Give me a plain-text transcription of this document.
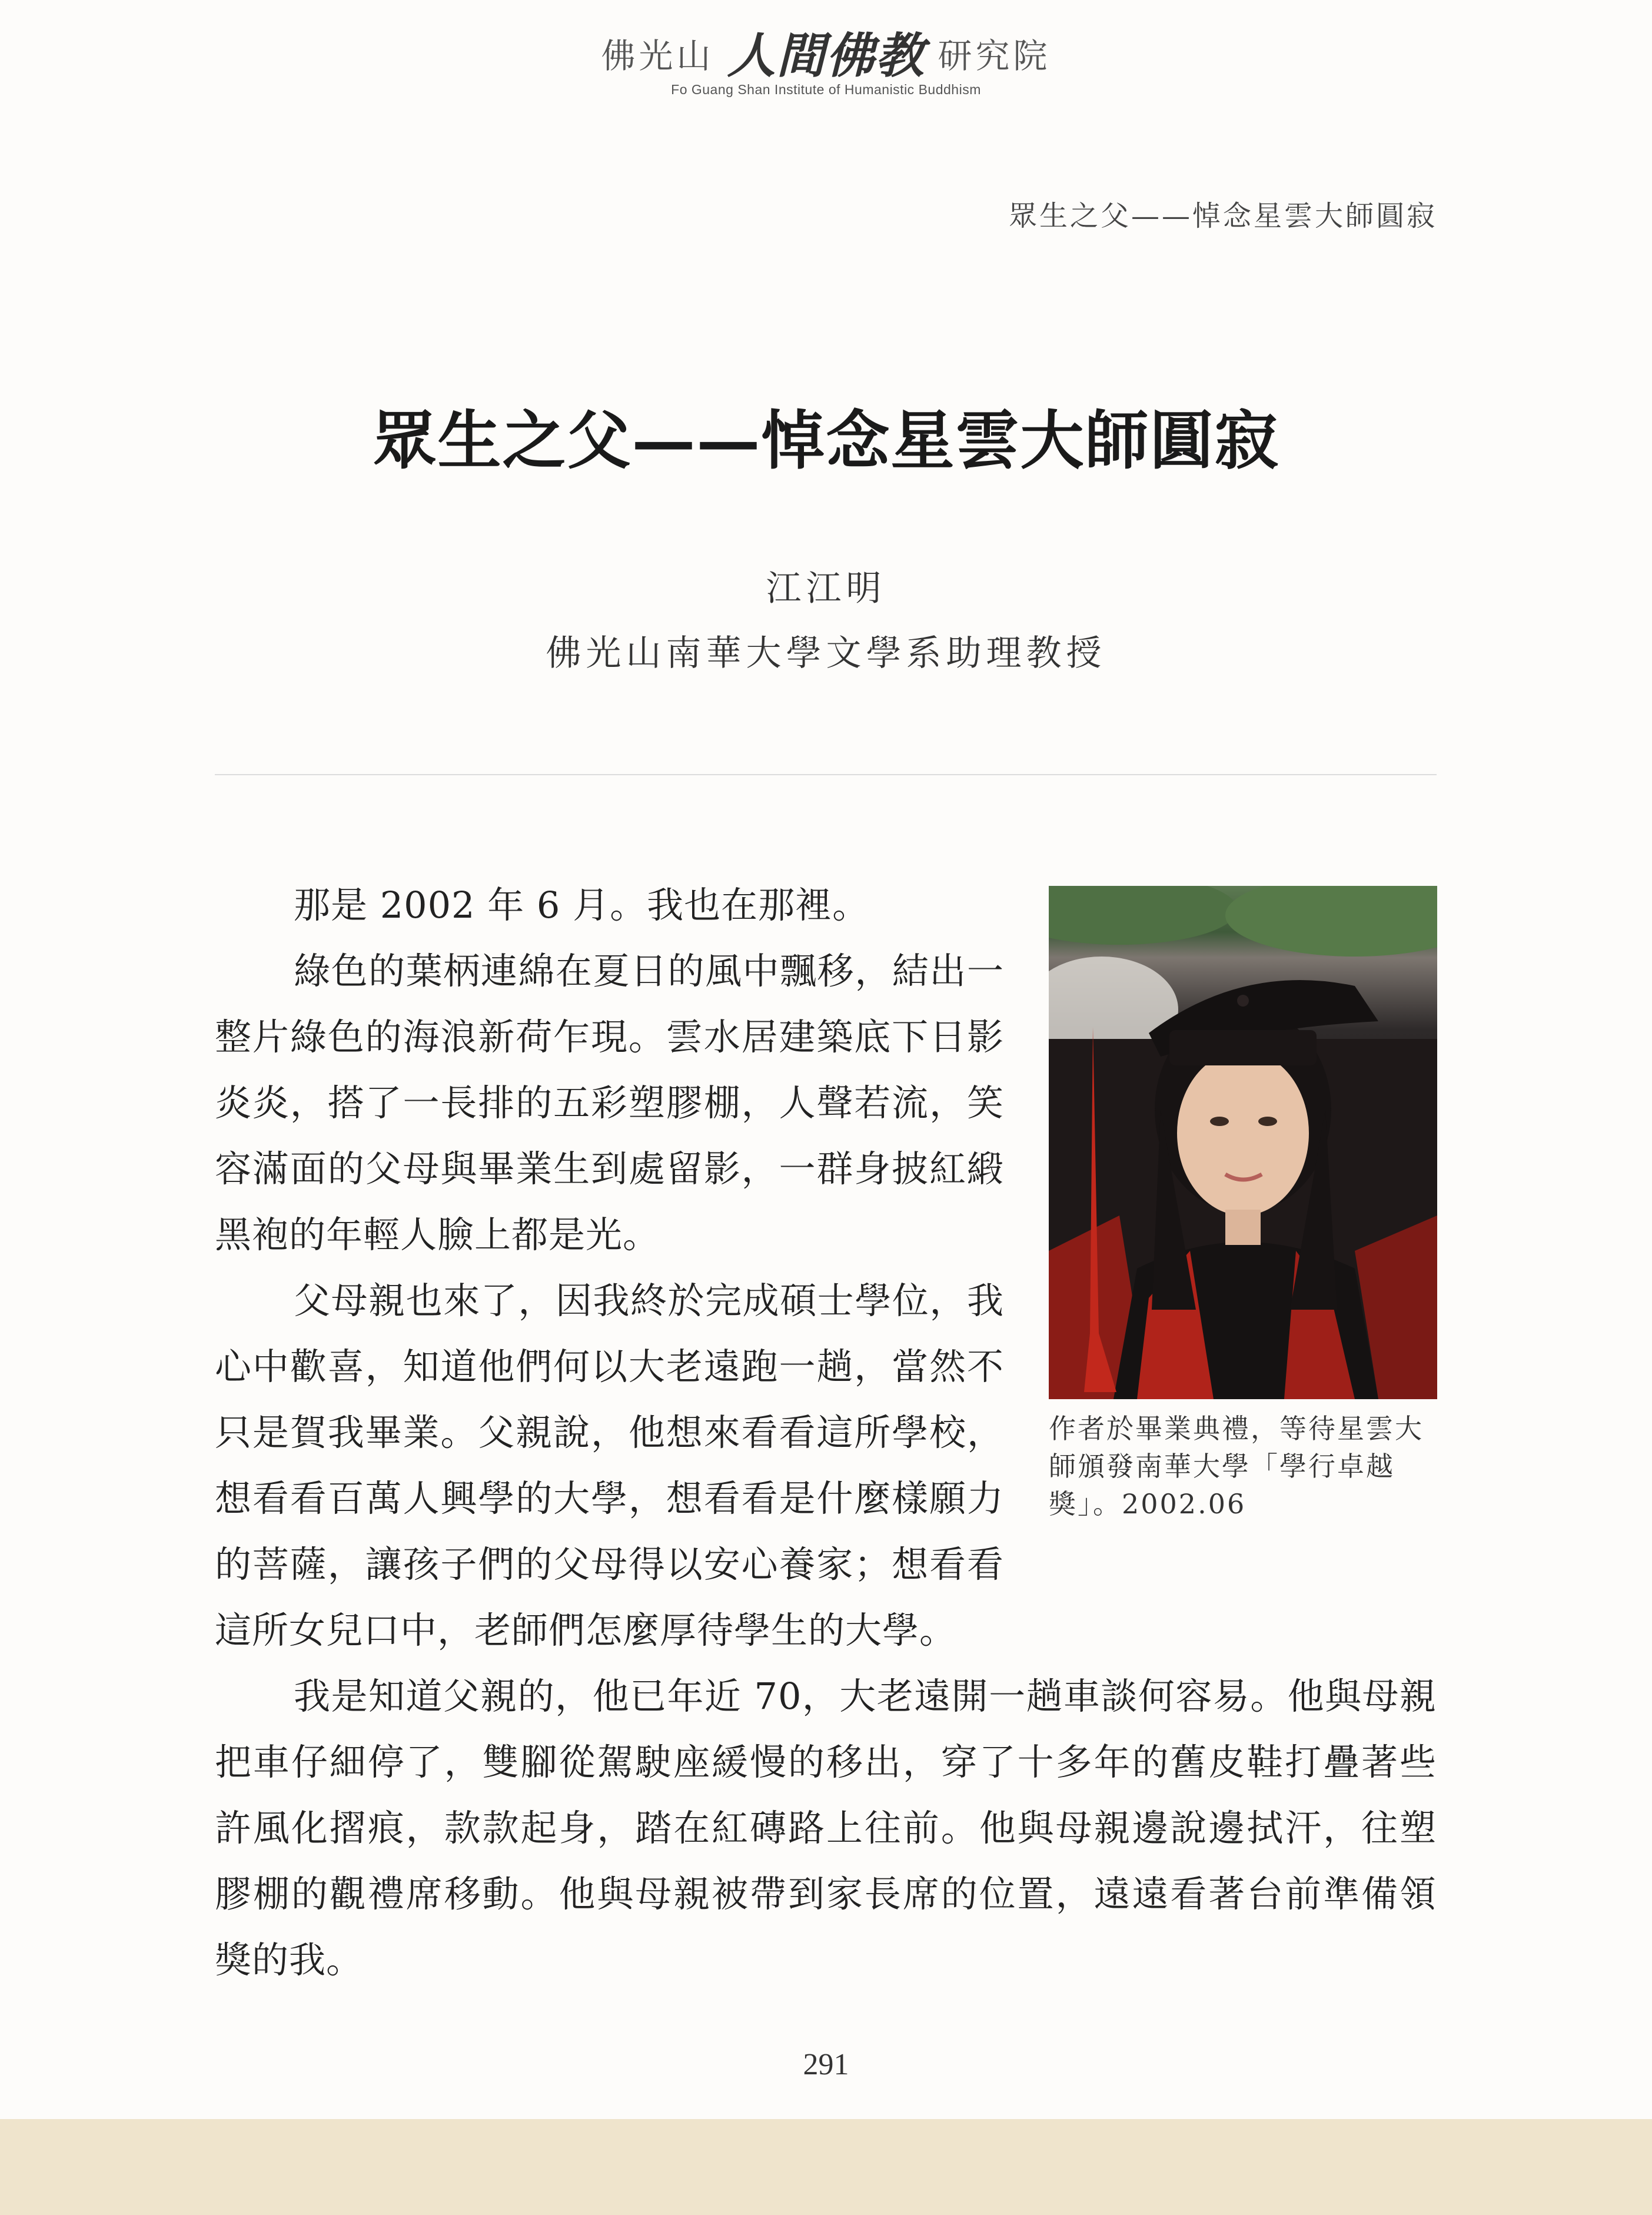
佛光山 人間佛教 研究院
Fo Guang Shan Institute of Humanistic Buddhism
眾生之父——悼念星雲大師圓寂
眾生之父——悼念星雲大師圓寂
江江明
佛光山南華大學文學系助理教授
作者於畢業典禮，等待星雲大師頒發南華大學「學行卓越獎」。2002.06

那是 2002 年 6 月。我也在那裡。

綠色的葉柄連綿在夏日的風中飄移，結出一整片綠色的海浪新荷乍現。雲水居建築底下日影炎炎，搭了一長排的五彩塑膠棚，人聲若流，笑容滿面的父母與畢業生到處留影，一群身披紅緞黑袍的年輕人臉上都是光。

父母親也來了，因我終於完成碩士學位，我心中歡喜，知道他們何以大老遠跑一趟，當然不只是賀我畢業。父親說，他想來看看這所學校，想看看百萬人興學的大學，想看看是什麼樣願力的菩薩，讓孩子們的父母得以安心養家；想看看這所女兒口中，老師們怎麼厚待學生的大學。

我是知道父親的，他已年近 70，大老遠開一趟車談何容易。他與母親把車仔細停了，雙腳從駕駛座緩慢的移出，穿了十多年的舊皮鞋打疊著些許風化摺痕，款款起身，踏在紅磚路上往前。他與母親邊說邊拭汗，往塑膠棚的觀禮席移動。他與母親被帶到家長席的位置，遠遠看著台前準備領獎的我。

291
